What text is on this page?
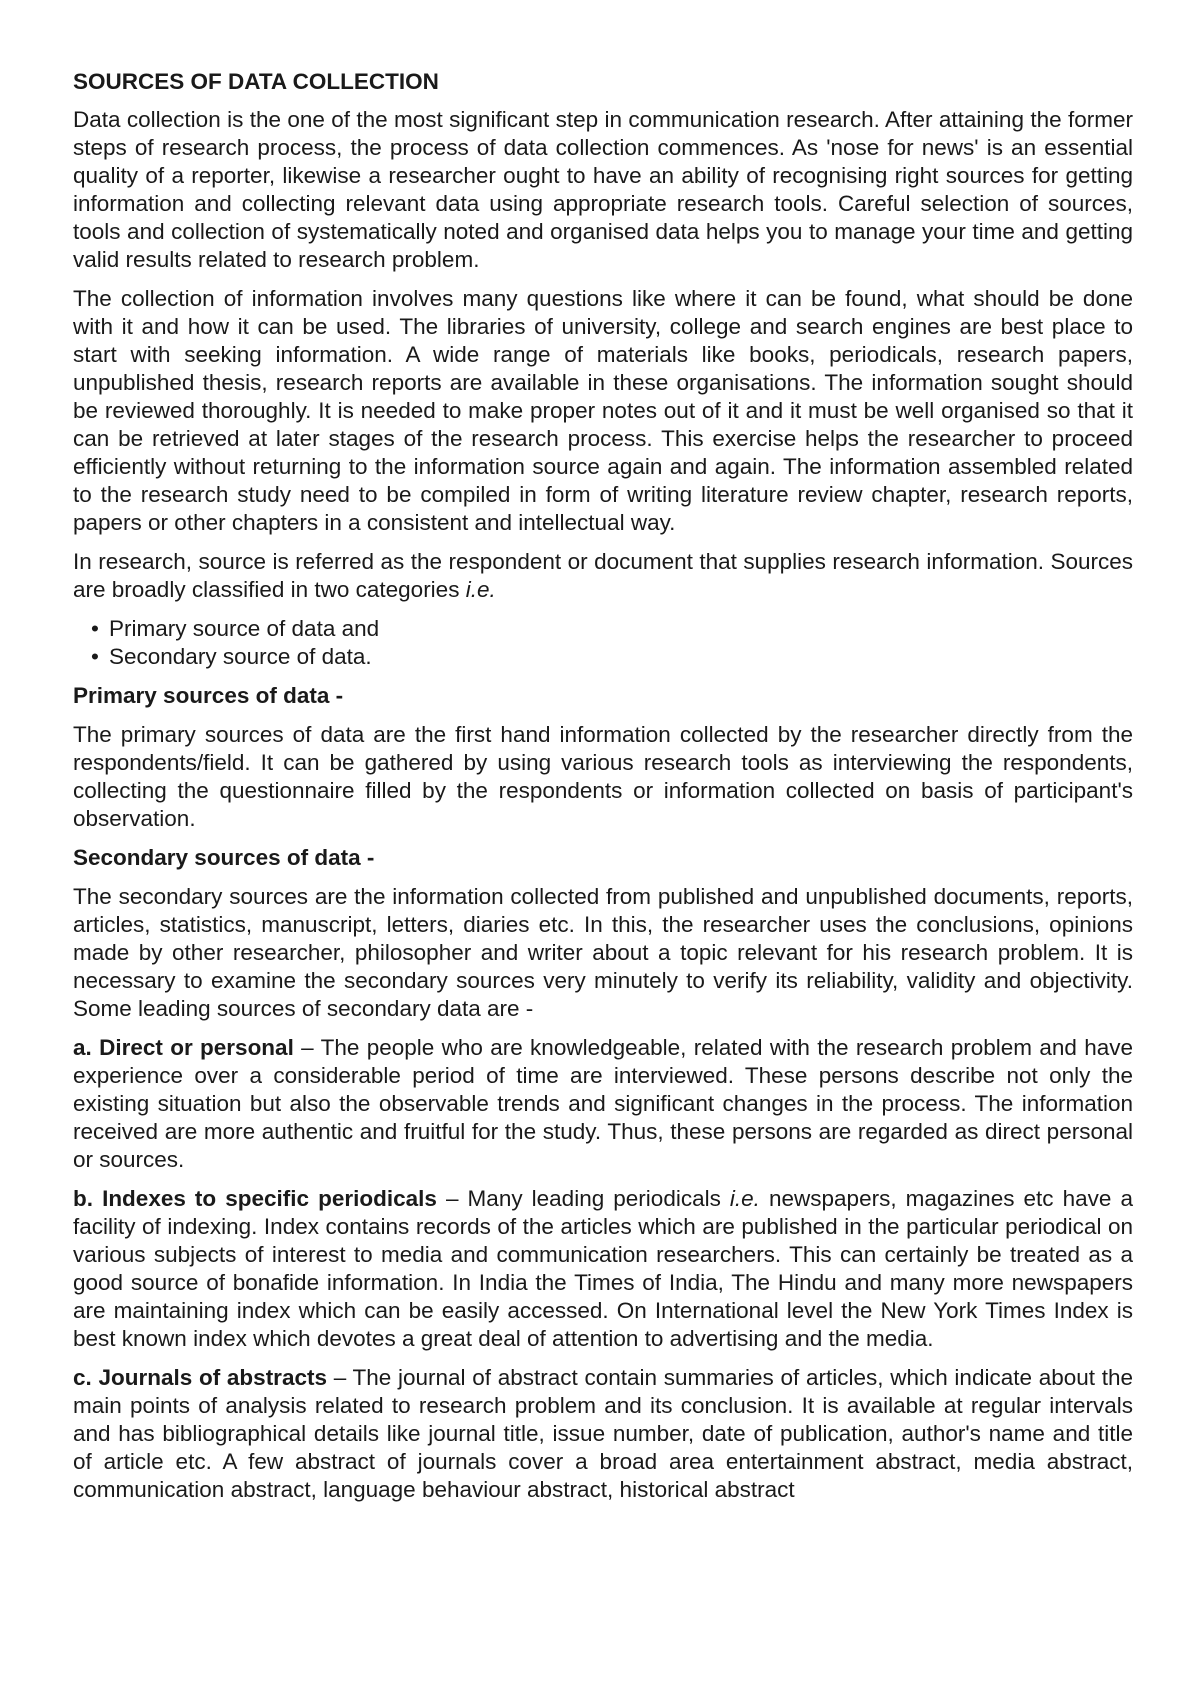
SOURCES OF DATA COLLECTION

Data collection is the one of the most significant step in communication research. After attaining the former steps of research process, the process of data collection commences. As 'nose for news' is an essential quality of a reporter, likewise a researcher ought to have an ability of recognising right sources for getting information and collecting relevant data using appropriate research tools. Careful selection of sources, tools and collection of systematically noted and organised data helps you to manage your time and getting valid results related to research problem.

The collection of information involves many questions like where it can be found, what should be done with it and how it can be used. The libraries of university, college and search engines are best place to start with seeking information. A wide range of materials like books, periodicals, research papers, unpublished thesis, research reports are available in these organisations. The information sought should be reviewed thoroughly. It is needed to make proper notes out of it and it must be well organised so that it can be retrieved at later stages of the research process. This exercise helps the researcher to proceed efficiently without returning to the information source again and again. The information assembled related to the research study need to be compiled in form of writing literature review chapter, research reports, papers or other chapters in a consistent and intellectual way.

In research, source is referred as the respondent or document that supplies research information. Sources are broadly classified in two categories i.e.

• Primary source of data and
• Secondary source of data.
Primary sources of data -

The primary sources of data are the first hand information collected by the researcher directly from the respondents/field. It can be gathered by using various research tools as interviewing the respondents, collecting the questionnaire filled by the respondents or information collected on basis of participant's observation.

Secondary sources of data -

The secondary sources are the information collected from published and unpublished documents, reports, articles, statistics, manuscript, letters, diaries etc. In this, the researcher uses the conclusions, opinions made by other researcher, philosopher and writer about a topic relevant for his research problem. It is necessary to examine the secondary sources very minutely to verify its reliability, validity and objectivity. Some leading sources of secondary data are -

a. Direct or personal – The people who are knowledgeable, related with the research problem and have experience over a considerable period of time are interviewed. These persons describe not only the existing situation but also the observable trends and significant changes in the process. The information received are more authentic and fruitful for the study. Thus, these persons are regarded as direct personal or sources.

b. Indexes to specific periodicals – Many leading periodicals i.e. newspapers, magazines etc have a facility of indexing. Index contains records of the articles which are published in the particular periodical on various subjects of interest to media and communication researchers. This can certainly be treated as a good source of bonafide information. In India the Times of India, The Hindu and many more newspapers are maintaining index which can be easily accessed. On International level the New York Times Index is best known index which devotes a great deal of attention to advertising and the media.

c. Journals of abstracts – The journal of abstract contain summaries of articles, which indicate about the main points of analysis related to research problem and its conclusion. It is available at regular intervals and has bibliographical details like journal title, issue number, date of publication, author's name and title of article etc. A few abstract of journals cover a broad area entertainment abstract, media abstract, communication abstract, language behaviour abstract, historical abstract
